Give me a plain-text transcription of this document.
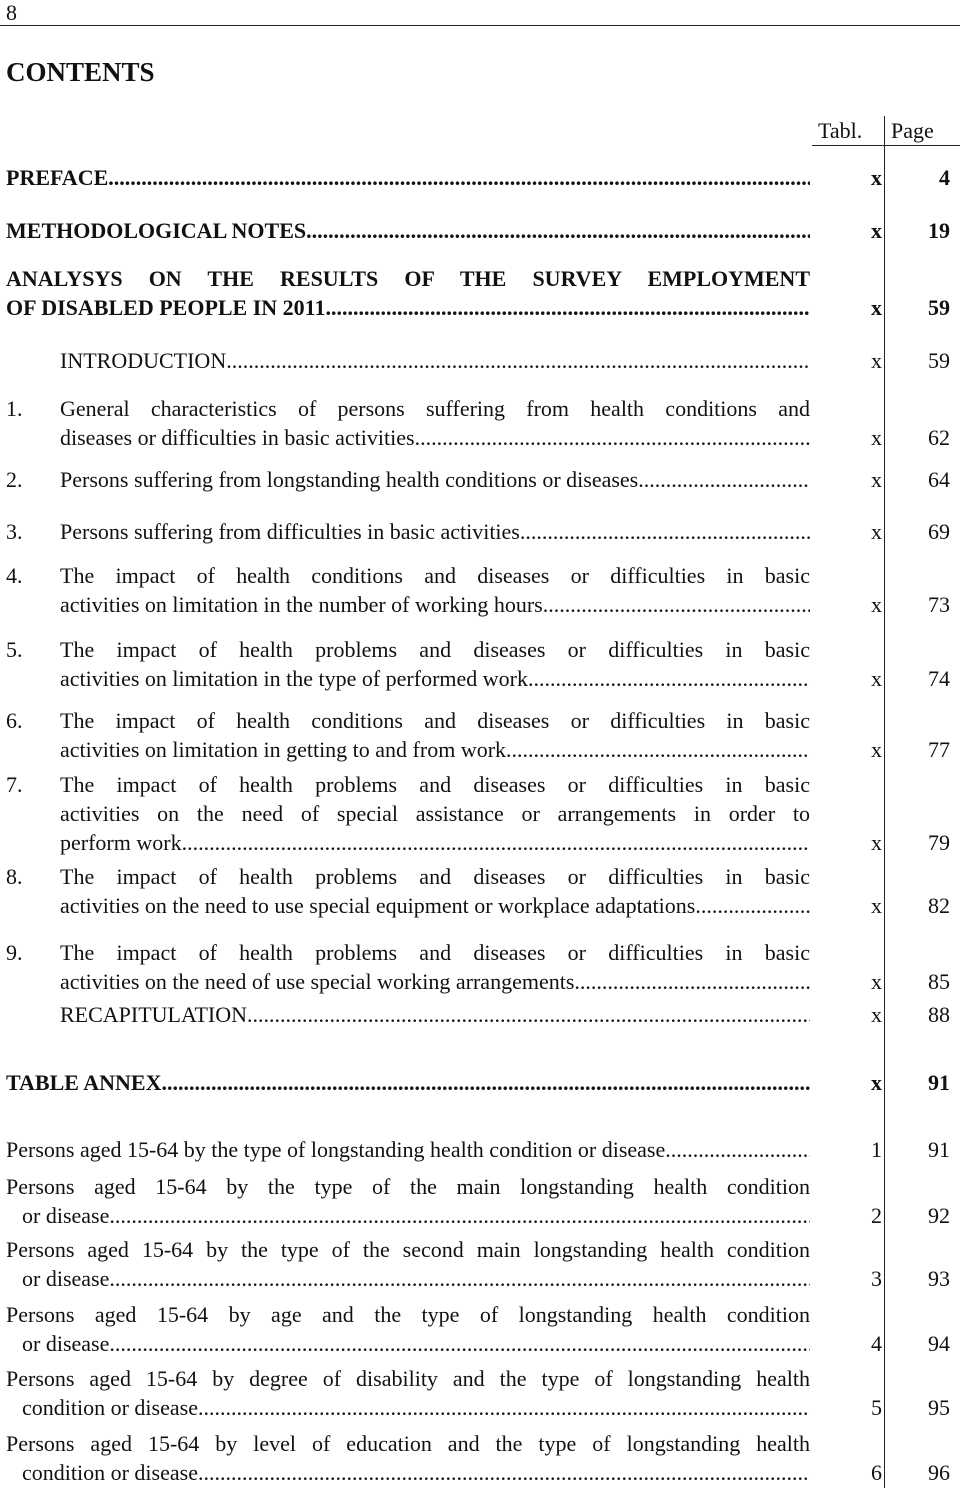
8
CONTENTS
Tabl. Page
PREFACE .....	x	4
METHODOLOGICAL NOTES .....	x 19
ANALYSYS ON THE RESULTS OF THE SURVEY EMPLOYMENT
OF DISABLED PEOPLE IN 2011 .....	x 59
INTRODUCTION .....	x 59
1. General characteristics of persons suffering from health conditions and
diseases or difficulties in basic activities .....	x 62
2. Persons suffering from longstanding health conditions or diseases .....	x 64
3. Persons suffering from difficulties in basic activities .....	x 69
4. The impact of health conditions and diseases or difficulties in basic
activities on limitation in the number of working hours .....	x 73
5. The impact of health problems and diseases or difficulties in basic
activities on limitation in the type of performed work .....	x 74
6. The impact of health conditions and diseases or difficulties in basic
activities on limitation in getting to and from work .....	x 77
7. The impact of health problems and diseases or difficulties in basic
activities on the need of special assistance or arrangements in order to
perform work .....	x 79
8. The impact of health problems and diseases or difficulties in basic
activities on the need to use special equipment or workplace adaptations .....	x 82
9. The impact of health problems and diseases or difficulties in basic
activities on the need of use special working arrangements .....	x 85
RECAPITULATION .....	x 88
TABLE ANNEX .....	x 91
Persons aged 15-64 by the type of longstanding health condition or disease .....	1 91
Persons aged 15-64 by the type of the main longstanding health condition
or disease .....	2 92
Persons aged 15-64 by the type of the second main longstanding health condition
or disease .....	3 93
Persons aged 15-64 by age and the type of longstanding health condition
or disease .....	4 94
Persons aged 15-64 by degree of disability and the type of longstanding health
condition or disease .....	5 95
Persons aged 15-64 by level of education and the type of longstanding health
condition or disease .....	6 96
